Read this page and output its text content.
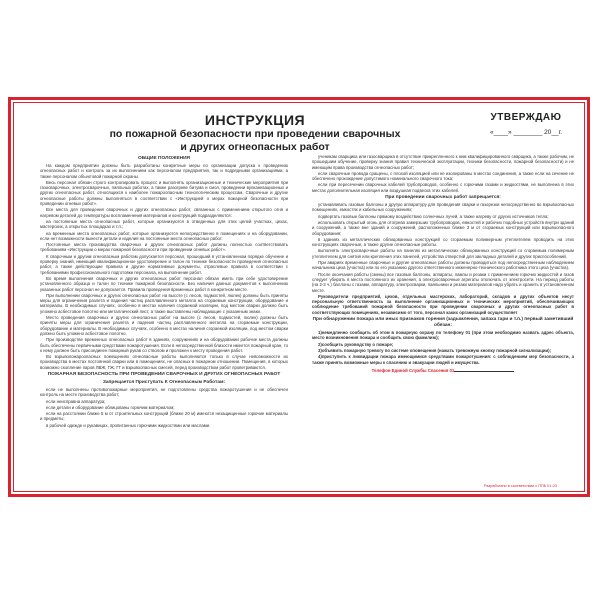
ИНСТРУКЦИЯ
по пожарной безопасности при проведении сварочных
и других огнеопасных работ
УТВЕРЖДАЮ
«____» ________ 20__г.
ОБЩИЕ ПОЛОЖЕНИЯ

На каждом предприятии должны быть разработаны конкретные меры по организации допуска к проведению огнеопасных работ и контроль за их выполнением как персоналом предприятия, так и подрядными организациями, а также персоналом объектовой пожарной охраны.

Весь персонал обязан строго контролировать процесс и выполнять организационные и технические мероприятия при газосварочных, электросварочных, паяльных работах, а также разогреве битума и смол, проведении вулканизационных и других огнеопасных работ, относящихся к наиболее пожароопасным технологическим процессам. Сварочные и другие огнеопасные работы должны выполняться в соответствии с «Инструкцией о мерах пожарной безопасности при проведении огневых работ».

Все места для проведения сварочных и других огнеопасных работ, связанных с применением открытого огня и нагревом деталей до температуры воспламенения материалов и конструкций подразделяются:

на постоянные места огнеопасных работ, которые организуются в отведенных для этих целей участках, цехах, мастерских, а открытых площадках и т.п.;

на временные места огнеопасных работ, которые организуются непосредственно в помещениях и на оборудовании, если нет возможности вынести детали и изделия на постоянные места огнеопасных работ.

Постоянные места производства сварочных и других огнеопасных работ должны полностью соответствовать требованиям «Инструкции о мерах пожарной безопасности при проведении огневых работ».

К сварочным и другим огнеопасным работам допускается персонал, прошедший в установленном порядке обучение и проверку знаний, имеющий квалификационное удостоверение и талон по технике безопасности проведения огнеопасных работ, а также действующие правила и другие нормативные документы, отраслевые правила в соответствии с требованиями профессионального подготовки персонала, на выполнение работ.

Во время выполнения сварочных и других огнеопасных работ персонал обязан иметь при себе удостоверение установленного образца и талон по технике пожарной безопасности. Без наличия данных документов к выполнению указанных работ персонал не допускается. Правила проведения временных работ в конкретном месте.

При выполнении сварочных и других огнеопасных работ на высоте (с лесов, подмостей, люлек) должны быть приняты меры для ограничения разлета и падения частиц расплавленного металла на сгораемые конструкции, оборудование и материалы. В необходимых случаях, особенно в местах наличия сгораемой изоляции, под местом сварки должно быть уложено асбестовое полотно или металлический лист, а также выставлены наблюдающие с указанным знаки.

Место проведения сварочных и других огнеопасных работ на высоте (с лесов, подмостей, люлек) должны быть приняты меры для ограничения разлета и падения частиц расплавленного металла на сгораемые конструкции, оборудование и материалы. В необходимых случаях, особенно в местах наличия сгораемой изоляции, под местом сварки должно быть уложено асбестовое полотно.

При производстве временных огнеопасных работ в зданиях, сооружениях и на оборудовании рабочие места должны быть обеспечены первичными средствами пожаротушения. Если в непосредственной близости имеется пожарный кран, то к нему должен быть присоединен пожарный рукав со стволом и проложен к месту проведения работ.

Во взрывопожароопасных помещениях огнеопасные работы выполняются только в случае невозможности их производства в местах постоянной сварки или в помещениях, не опасных в пожарном отношении. Помещения, в которых возможно скопление паров ЛВЖ, ГЖ, ГГ и взрывоопасных смесей, перед производством работ проветриваются.

ПОЖАРНАЯ БЕЗОПАСНОСТЬ ПРИ ПРОВЕДЕНИИ СВАРОЧНЫХ И ДРУГИХ ОГНЕОПАСНЫХ РАБОТ
Запрещается Приступать К Огнеопасным Работам:

если не выполнены противопожарные мероприятия, не подготовлены средства пожаротушения и не обеспечен контроль на месте производства работ;

если неисправна аппаратура;

если детали и оборудование облицованы горючим материалом;

если на расстоянии ближе 5 м от строительных конструкций (ближе 20 м) имеются незащищенные горючие материалы и предметы;

в рабочей одежде и рукавицах, пропитанных горючими жидкостями или маслами.

ученикам сварщика или газосварщика в отсутствие прикрепленного к ним квалифицированного сварщика, а также рабочим, не прошедшим обучение, проверку знания правил технической эксплуатации, техники безопасности, пожарной безопасности) и не имеющим права производства огнеопасных работ;

если сварочные провода сращены, с плохой изоляцией или не изолированы в местах соединения, а также если на сечение не обеспечено прохождение допустимого номинального сварочного тока;

если при пересечении сварочных кабелей трубопроводов, особенно с горючими газами и жидкостями, не выполнена в этих местах дополнительная изоляция или воздушная подвеска этих кабелей.

При проведении сварочных работ запрещается:

устанавливать газовые баллоны и другую аппаратуру для проведения сварки и газорезки непосредственно во взрывоопасных помещениях, емкостях и кабельных сооружениях;

подвергать газовые баллоны прямому воздействию солнечных лучей, а также нагреву от других источников тепла;

использовать открытый огонь для отогрева замерзших трубопроводов, емкостей и рабочих подобных устройств внутри зданий и сооружений, а также вне зданий и сооружений, расположенных ближе 3 м от сгораемых конструкций или взрывоопасного оборудования;

в зданиях из металлических облицованных конструкций со сгораемым полимерным утеплителем проводить на этих конструкциях сварочные, а также другие огнеопасные работы.

выполнять электросварочные работы на панелях из металлических облицованных конструкций со сгораемым полимерным утеплителем для снятия или крепления этих панелей, устройства отверстий для закладных деталей и других приспособлений.

При авариях временные сварочные и другие огнеопасные работы должны проводиться под непосредственным наблюдением начальника цеха (участка) или по его указанию другого ответственного инженерно-технического работника этого цеха (участка).

После окончания работы (смены) все газовые баллоны, аппараты, лампы и резаки с применением горючих жидкостей и газов следует убирать в места постоянного их хранения, а электросварочные агрегаты отключать от электросети. На период работы (на 2-3 ч.) баллоны с газами, аппаратуру, электросварки, паяльники и резаки материалов надо убрать и хранить в установленном месте.

Руководители предприятий, цехов, отдельных мастерских, лабораторий, складов и других объектов несут персональную ответственность за выполнение организационных и технических мероприятий, обеспечивающих соблюдение требований пожарной безопасности при проведении сварочных и других огнеопасных работ в соответствующих помещениях, независимо от того, персонал каких организаций осуществляет

При обнаружении пожара или иных признаков горения (задымления, запаха гари и т.п.) первый заметивший обязан:

1)немедленно сообщить об этом в пожарную охрану по телефону 01 (при этом необходимо назвать адрес объекта, место возникновения пожара и сообщить свою фамилию);

2)сообщить руководству о пожаре;

3)объявить пожарную тревогу по системе оповещения (нажать тревожную кнопку пожарной сигнализации);

4)приступить к ликвидации пожара имеющимися средствами пожаротушения: с соблюдением мер безопасности, а также принять возможные меры к спасению и эвакуации людей и имущества.

Телефон Единой Службы Спасения 01

Разработано в соответствии с ППБ 01-03
